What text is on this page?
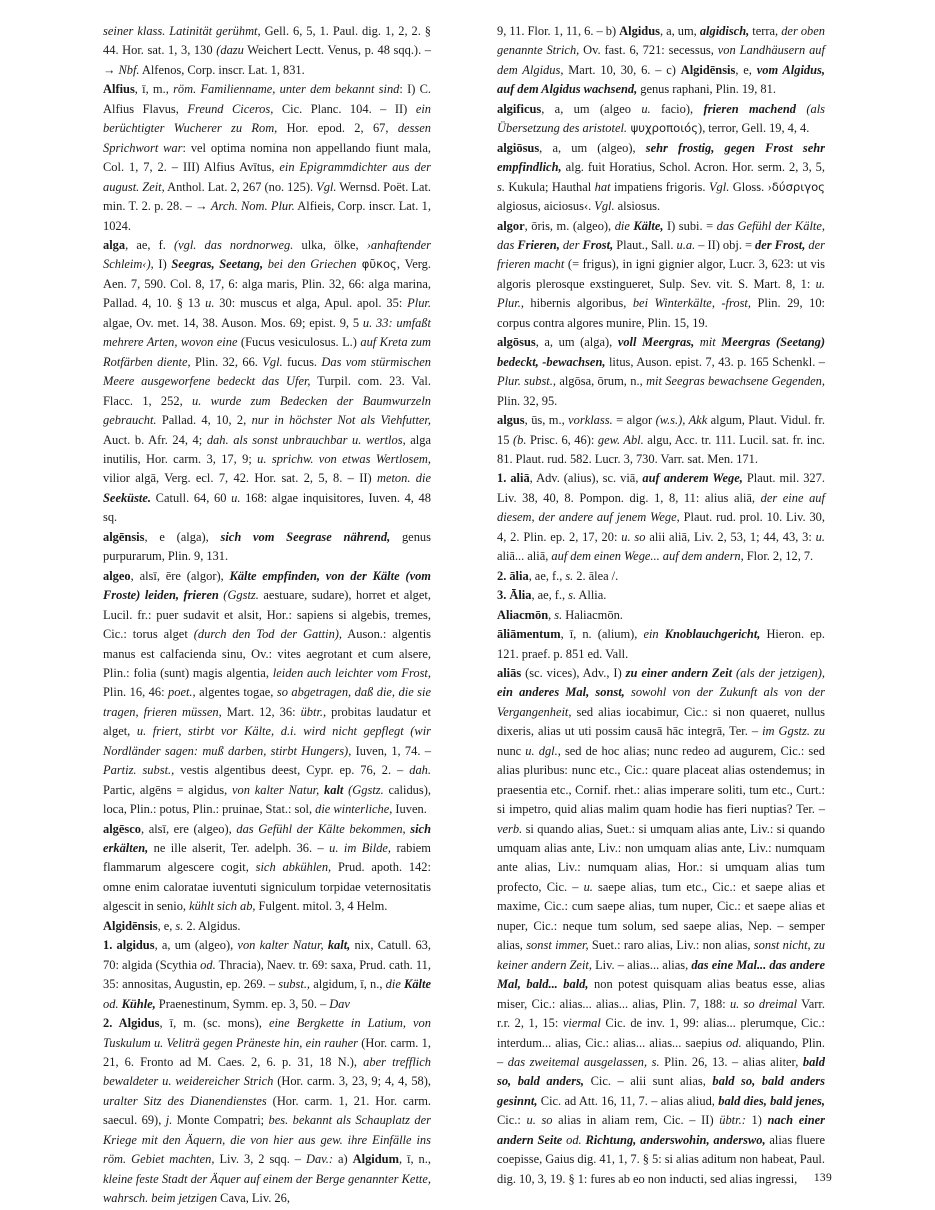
seiner klass. Latinität gerühmt, Gell. 6, 5, 1. Paul. dig. 1, 2, 2. § 44. Hor. sat. 1, 3, 130 (dazu Weichert Lectt. Venus, p. 48 sqq.). – → Nbf. Alfenos, Corp. inscr. Lat. 1, 831.

Alfius, ī, m., röm. Familienname, unter dem bekannt sind: I) C. Alfius Flavus, Freund Ciceros, Cic. Planc. 104. – II) ein berüchtigter Wucherer zu Rom, Hor. epod. 2, 67, dessen Sprichwort war: vel optima nomina non appellando fiunt mala, Col. 1, 7, 2. – III) Alfius Avītus, ein Epigrammdichter aus der august. Zeit, Anthol. Lat. 2, 267 (no. 125). Vgl. Wernsd. Poët. Lat. min. T. 2. p. 28. – → Arch. Nom. Plur. Alfieis, Corp. inscr. Lat. 1, 1024.

alga, ae, f. (vgl. das nordnorweg. ulka, ölke, ›anhaftender Schleim‹), I) Seegras, Seetang, bei den Griechen φῦκος, Verg. Aen. 7, 590. Col. 8, 17, 6: alga maris, Plin. 32, 66: alga marina, Pallad. 4, 10. § 13 u. 30: muscus et alga, Apul. apol. 35: Plur. algae, Ov. met. 14, 38. Auson. Mos. 69; epist. 9, 5 u. 33: umfaßt mehrere Arten, wovon eine (Fucus vesiculosus. L.) auf Kreta zum Rotfärben diente, Plin. 32, 66. Vgl. fucus. Das vom stürmischen Meere ausgeworfene bedeckt das Ufer, Turpil. com. 23. Val. Flacc. 1, 252, u. wurde zum Bedecken der Baumwurzeln gebraucht. Pallad. 4, 10, 2, nur in höchster Not als Viehfutter, Auct. b. Afr. 24, 4; dah. als sonst unbrauchbar u. wertlos, alga inutilis, Hor. carm. 3, 17, 9; u. sprichw. von etwas Wertlosem, vilior algā, Verg. ecl. 7, 42. Hor. sat. 2, 5, 8. – II) meton. die Seeküste. Catull. 64, 60 u. 168: algae inquisitores, Iuven. 4, 48 sq.

algēnsis, e (alga), sich vom Seegrase nährend, genus purpurarum, Plin. 9, 131.

algeo, alsī, ēre (algor), Kälte empfinden, von der Kälte (vom Froste) leiden, frieren (Ggstz. aestuare, sudare), horret et alget, Lucil. fr.: puer sudavit et alsit, Hor.: sapiens si algebis, tremes, Cic.: torus alget (durch den Tod der Gattin), Auson.: algentis manus est calfacienda sinu, Ov.: vites aegrotant et cum alsere, Plin.: folia (sunt) magis algentia, leiden auch leichter vom Frost, Plin. 16, 46: poet., algentes togae, so abgetragen, daß die, die sie tragen, frieren müssen, Mart. 12, 36: übtr., probitas laudatur et alget, u. friert, stirbt vor Kälte, d.i. wird nicht gepflegt (wir Nordländer sagen: muß darben, stirbt Hungers), Iuven, 1, 74. – Partiz. subst., vestis algentibus deest, Cypr. ep. 76, 2. – dah. Partic, algēns = algidus, von kalter Natur, kalt (Ggstz. calidus), loca, Plin.: potus, Plin.: pruinae, Stat.: sol, die winterliche, Iuven.

algēsco, alsī, ere (algeo), das Gefühl der Kälte bekommen, sich erkälten, ne ille alserit, Ter. adelph. 36. – u. im Bilde, rabiem flammarum algescere cogit, sich abkühlen, Prud. apoth. 142: omne enim caloratae iuventuti signiculum torpidae veternositatis algescit in senio, kühlt sich ab, Fulgent. mitol. 3, 4 Helm.

Algidēnsis, e, s. 2. Algidus.

1. algidus, a, um (algeo), von kalter Natur, kalt, nix, Catull. 63, 70: algida (Scythia od. Thracia), Naev. tr. 69: saxa, Prud. cath. 11, 35: annositas, Augustin, ep. 269. – subst., algidum, ī, n., die Kälte od. Kühle, Praenestinum, Symm. ep. 3, 50. – Dav

2. Algidus, ī, m. (sc. mons), eine Bergkette in Latium, von Tuskulum u. Veliträ gegen Präneste hin, ein rauher (Hor. carm. 1, 21, 6. Fronto ad M. Caes. 2, 6. p. 31, 18 N.), aber trefflich bewaldeter u. weidereicher Strich (Hor. carm. 3, 23, 9; 4, 4, 58), uralter Sitz des Dianendienstes (Hor. carm. 1, 21. Hor. carm. saecul. 69), j. Monte Compatri; bes. bekannt als Schauplatz der Kriege mit den Äquern, die von hier aus gew. ihre Einfälle ins röm. Gebiet machten, Liv. 3, 2 sqq. – Dav.: a) Algidum, ī, n., kleine feste Stadt der Äquer auf einem der Berge genannter Kette, wahrsch. beim jetzigen Cava, Liv. 26,

9, 11. Flor. 1, 11, 6. – b) Algidus, a, um, algidisch, terra, der oben genannte Strich, Ov. fast. 6, 721: secessus, von Landhäusern auf dem Algidus, Mart. 10, 30, 6. – c) Algidēnsis, e, vom Algidus, auf dem Algidus wachsend, genus raphani, Plin. 19, 81.

algificus, a, um (algeo u. facio), frieren machend (als Übersetzung des aristotel. ψυχροποιός), terror, Gell. 19, 4, 4.

algiōsus, a, um (algeo), sehr frostig, gegen Frost sehr empfindlich, alg. fuit Horatius, Schol. Acron. Hor. serm. 2, 3, 5, s. Kukula; Hauthal hat impatiens frigoris. Vgl. Gloss. ›δύσριγος algiosus, aiciosus‹. Vgl. alsiosus.

algor, ōris, m. (algeo), die Kälte, I) subi. = das Gefühl der Kälte, das Frieren, der Frost, Plaut., Sall. u.a. – II) obj. = der Frost, der frieren macht (= frigus), in igni gignier algor, Lucr. 3, 623: ut vis algoris plerosque exstingueret, Sulp. Sev. vit. S. Mart. 8, 1: u. Plur., hibernis algoribus, bei Winterkälte, -frost, Plin. 29, 10: corpus contra algores munire, Plin. 15, 19.

algōsus, a, um (alga), voll Meergras, mit Meergras (Seetang) bedeckt, -bewachsen, litus, Auson. epist. 7, 43. p. 165 Schenkl. – Plur. subst., algōsa, ōrum, n., mit Seegras bewachsene Gegenden, Plin. 32, 95.

algus, ūs, m., vorklass. = algor (w.s.), Akk algum, Plaut. Vidul. fr. 15 (b. Prisc. 6, 46): gew. Abl. algu, Acc. tr. 111. Lucil. sat. fr. inc. 81. Plaut. rud. 582. Lucr. 3, 730. Varr. sat. Men. 171.

1. aliā, Adv. (alius), sc. viā, auf anderem Wege, Plaut. mil. 327. Liv. 38, 40, 8. Pompon. dig. 1, 8, 11: alius aliā, der eine auf diesem, der andere auf jenem Wege, Plaut. rud. prol. 10. Liv. 30, 4, 2. Plin. ep. 2, 17, 20: u. so alii aliā, Liv. 2, 53, 1; 44, 43, 3: u. aliā... aliā, auf dem einen Wege... auf dem andern, Flor. 2, 12, 7.

2. ālia, ae, f., s. 2. ālea /.

3. Ālia, ae, f., s. Allia.

Aliacmōn, s. Haliacmōn.

āliāmentum, ī, n. (alium), ein Knoblauchgericht, Hieron. ep. 121. praef. p. 851 ed. Vall.

aliās (sc. vices), Adv., I) zu einer andern Zeit (als der jetzigen), ein anderes Mal, sonst, sowohl von der Zukunft als von der Vergangenheit, sed alias iocabimur, Cic.: si non quaeret, nullus dixeris, alias ut uti possim causā hāc integrā, Ter. – im Ggstz. zu nunc u. dgl., sed de hoc alias; nunc redeo ad augurem, Cic.: sed alias pluribus: nunc etc., Cic.: quare placeat alias ostendemus; in praesentia etc., Cornif. rhet.: alias imperare soliti, tum etc., Curt.: si impetro, quid alias malim quam hodie has fieri nuptias? Ter. – verb. si quando alias, Suet.: si umquam alias ante, Liv.: si quando umquam alias ante, Liv.: non umquam alias ante, Liv.: numquam ante alias, Liv.: numquam alias, Hor.: si umquam alias tum profecto, Cic. – u. saepe alias, tum etc., Cic.: et saepe alias et maxime, Cic.: cum saepe alias, tum nuper, Cic.: et saepe alias et nuper, Cic.: neque tum solum, sed saepe alias, Nep. – semper alias, sonst immer, Suet.: raro alias, Liv.: non alias, sonst nicht, zu keiner andern Zeit, Liv. – alias... alias, das eine Mal... das andere Mal, bald... bald, non potest quisquam alias beatus esse, alias miser, Cic.: alias... alias... alias, Plin. 7, 188: u. so dreimal Varr. r.r. 2, 1, 15: viermal Cic. de inv. 1, 99: alias... plerumque, Cic.: interdum... alias, Cic.: alias... alias... saepius od. aliquando, Plin. – das zweitemal ausgelassen, s. Plin. 26, 13. – alias aliter, bald so, bald anders, Cic. – alii sunt alias, bald so, bald anders gesinnt, Cic. ad Att. 16, 11, 7. – alias aliud, bald dies, bald jenes, Cic.: u. so alias in aliam rem, Cic. – II) übtr.: 1) nach einer andern Seite od. Richtung, anderswohin, anderswo, alias fluere coepisse, Gaius dig. 41, 1, 7. § 5: si alias aditum non habeat, Paul. dig. 10, 3, 19. § 1: fures ab eo non inducti, sed alias ingressi,	139
